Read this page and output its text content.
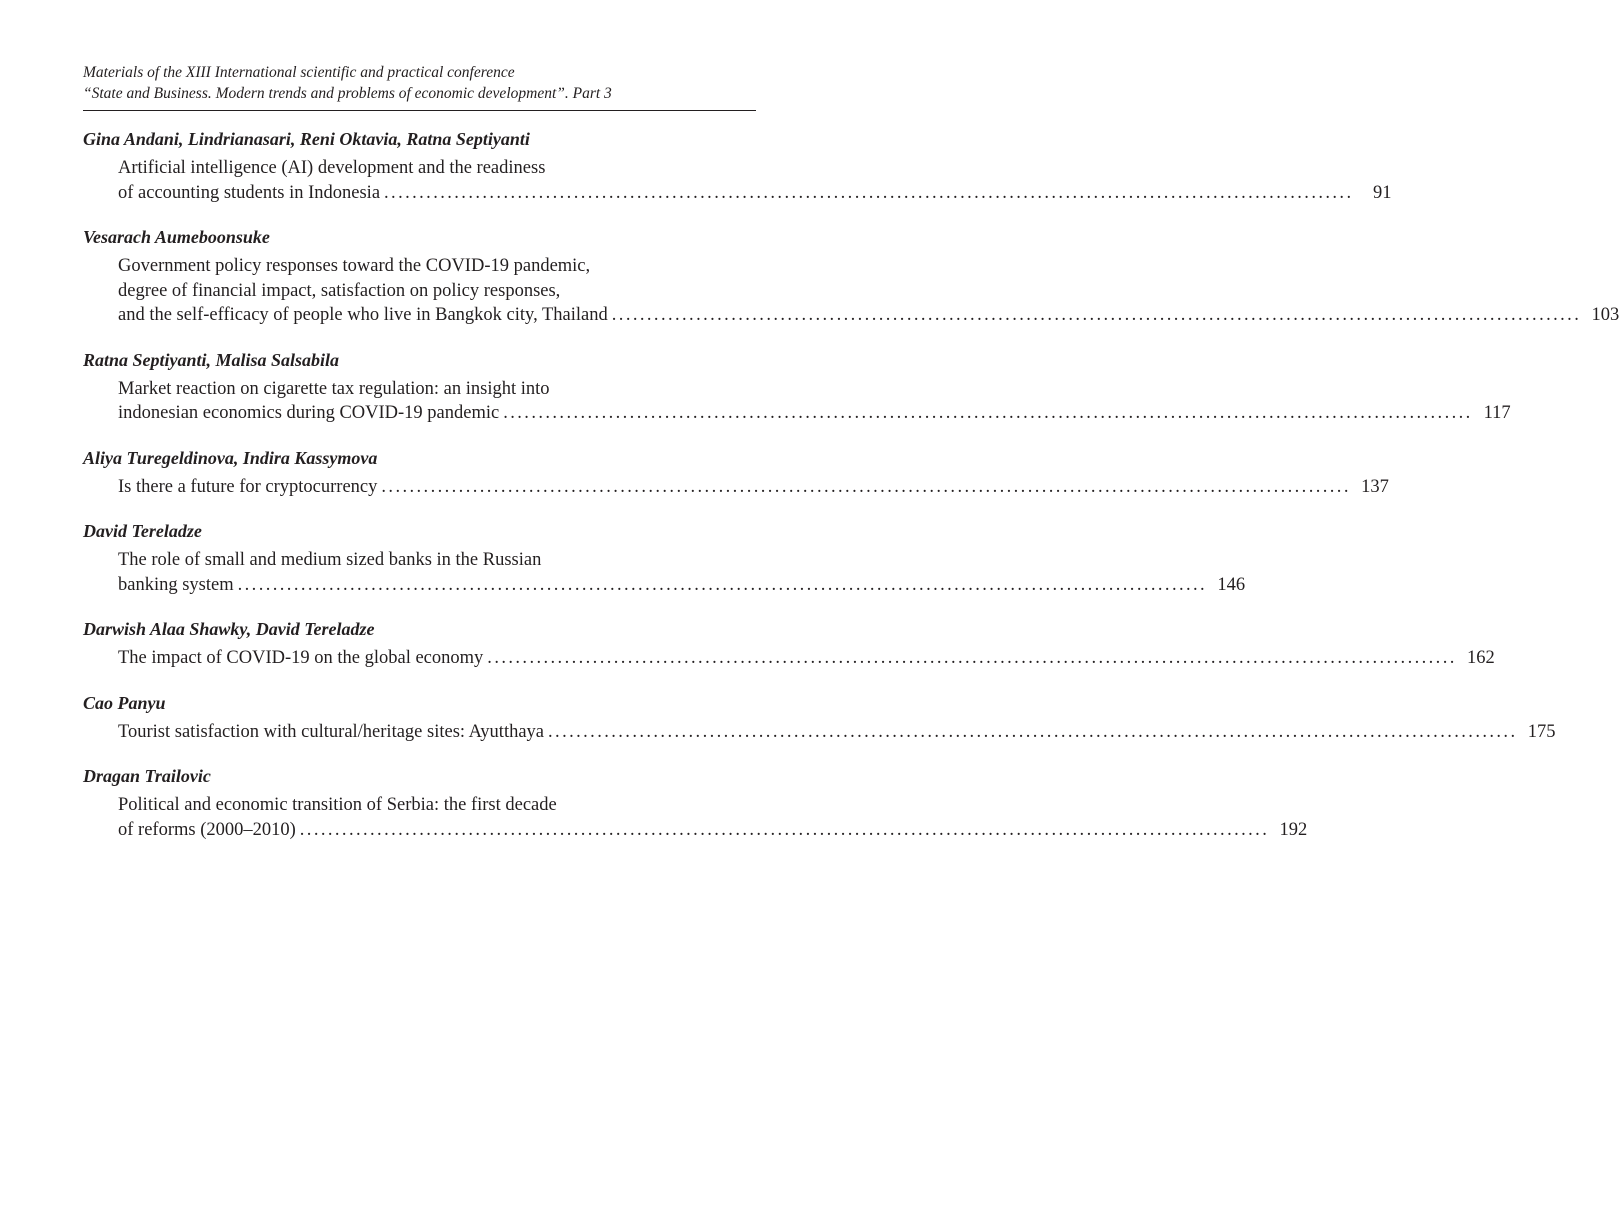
Materials of the XIII International scientific and practical conference
“State and Business. Modern trends and problems of economic development”. Part 3
Gina Andani, Lindrianasari, Reni Oktavia, Ratna Septiyanti
Artificial intelligence (AI) development and the readiness
of accounting students in Indonesia ..........................................................................................................................................	91
Vesarach Aumeboonsuke
Government policy responses toward the COVID-19 pandemic,
degree of financial impact, satisfaction on policy responses,
and the self-efficacy of people who live in Bangkok city, Thailand .......................................................................................................................................... 103
Ratna Septiyanti, Malisa Salsabila
Market reaction on cigarette tax regulation: an insight into
indonesian economics during COVID-19 pandemic .......................................................................................................................................... 117
Aliya Turegeldinova, Indira Kassymova
Is there a future for cryptocurrency .......................................................................................................................................... 137
David Tereladze
The role of small and medium sized banks in the Russian
banking system .......................................................................................................................................... 146
Darwish Alaa Shawky, David Tereladze
The impact of COVID-19 on the global economy .......................................................................................................................................... 162
Cao Panyu
Tourist satisfaction with cultural/heritage sites: Ayutthaya .......................................................................................................................................... 175
Dragan Trailovic
Political and economic transition of Serbia: the first decade
of reforms (2000–2010) .......................................................................................................................................... 192
